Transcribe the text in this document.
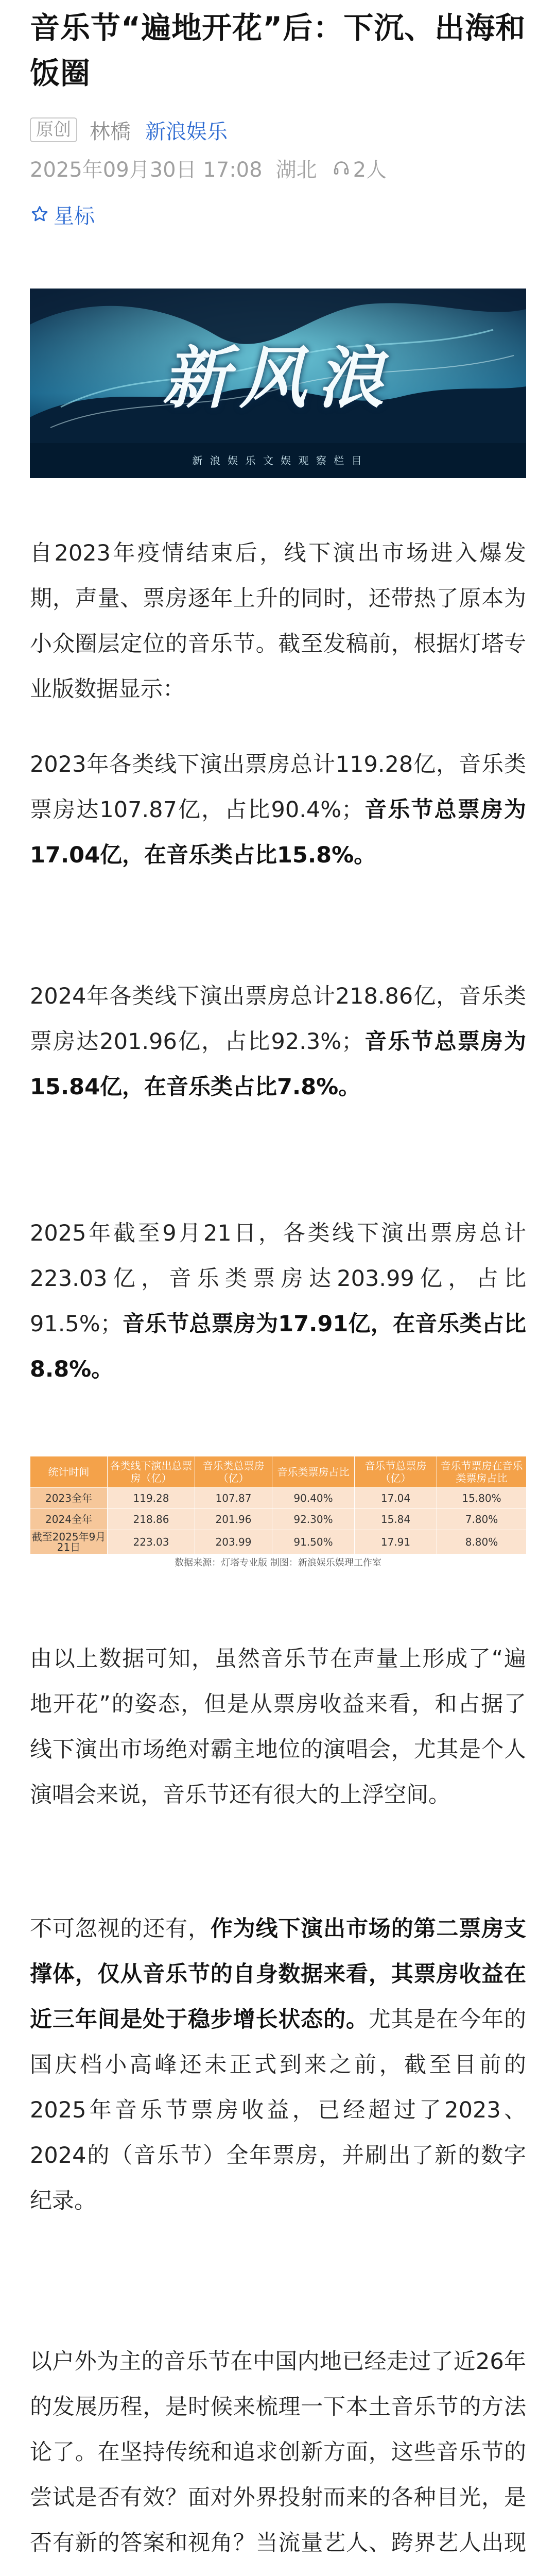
音乐节“遍地开花”后：下沉、出海和饭圈
原创 林橋 新浪娱乐
2025年09月30日 17:08 湖北 2人
星标
新风浪
新 浪 娱 乐 文 娱 观 察 栏 目
自2023年疫情结束后，线下演出市场进入爆发期，声量、票房逐年上升的同时，还带热了原本为小众圈层定位的音乐节。截至发稿前，根据灯塔专业版数据显示：
2023年各类线下演出票房总计119.28亿，音乐类票房达107.87亿，占比90.4%；音乐节总票房为17.04亿，在音乐类占比15.8%。
2024年各类线下演出票房总计218.86亿，音乐类票房达201.96亿，占比92.3%；音乐节总票房为15.84亿，在音乐类占比7.8%。
2025年截至9月21日，各类线下演出票房总计223.03亿，音乐类票房达203.99亿，占比91.5%；音乐节总票房为17.91亿，在音乐类占比8.8%。
统计时间	各类线下演出总票房（亿）	音乐类总票房（亿）	音乐类票房占比	音乐节总票房（亿）	音乐节票房在音乐类票房占比
2023全年	119.28	107.87	90.40%	17.04	15.80%
2024全年	218.86	201.96	92.30%	15.84	7.80%
截至2025年9月21日	223.03	203.99	91.50%	17.91	8.80%
数据来源：灯塔专业版 制图：新浪娱乐娱理工作室
由以上数据可知，虽然音乐节在声量上形成了“遍地开花”的姿态，但是从票房收益来看，和占据了线下演出市场绝对霸主地位的演唱会，尤其是个人演唱会来说，音乐节还有很大的上浮空间。
不可忽视的还有，作为线下演出市场的第二票房支撑体，仅从音乐节的自身数据来看，其票房收益在近三年间是处于稳步增长状态的。尤其是在今年的国庆档小高峰还未正式到来之前，截至目前的2025年音乐节票房收益，已经超过了2023、2024的（音乐节）全年票房，并刷出了新的数字纪录。
以户外为主的音乐节在中国内地已经走过了近26年的发展历程，是时候来梳理一下本土音乐节的方法论了。在坚持传统和追求创新方面，这些音乐节的尝试是否有效？面对外界投射而来的各种目光，是否有新的答案和视角？当流量艺人、跨界艺人出现
